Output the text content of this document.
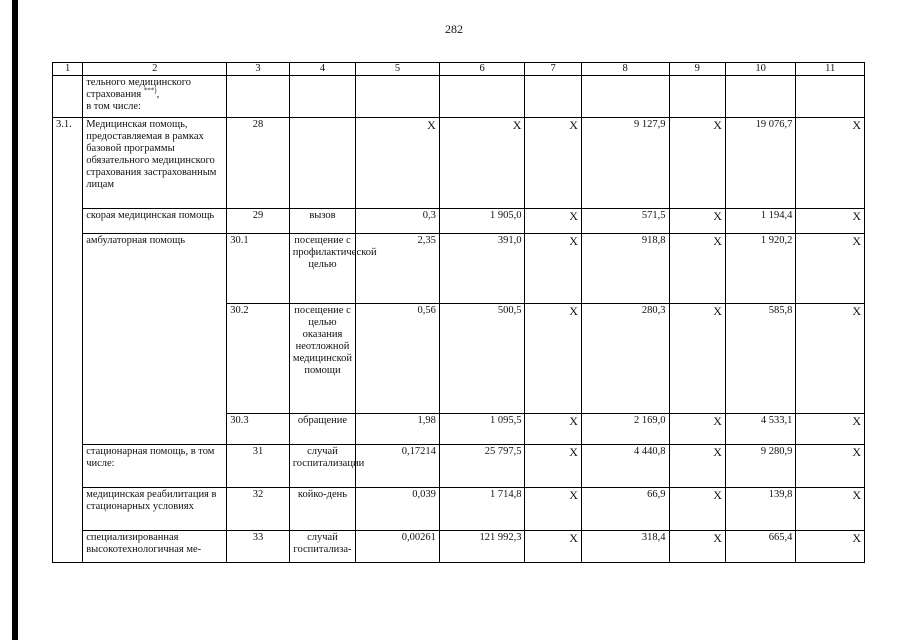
282
1	2	3	4	5	6	7	8	9	10	11
	тельного медицинского страхования ***),
в том числе:									
3.1.	Медицинская помощь, предоставляемая в рамках базовой программы обязательного медицинского страхования застрахованным лицам	28		X	X	X	9 127,9	X	19 076,7	X
	скорая медицинская помощь	29	вызов	0,3	1 905,0	X	571,5	X	1 194,4	X
	амбулаторная помощь	30.1	посещение с профилактической целью	2,35	391,0	X	918,8	X	1 920,2	X
		30.2	посещение с целью оказания неотложной медицинской помощи	0,56	500,5	X	280,3	X	585,8	X
		30.3	обращение	1,98	1 095,5	X	2 169,0	X	4 533,1	X
	стационарная помощь, в том числе:	31	случай госпитализации	0,17214	25 797,5	X	4 440,8	X	9 280,9	X
	медицинская реабилитация в стационарных условиях	32	койко-день	0,039	1 714,8	X	66,9	X	139,8	X
	специализированная высокотехнологичная ме-	33	случай госпитализа-	0,00261	121 992,3	X	318,4	X	665,4	X
